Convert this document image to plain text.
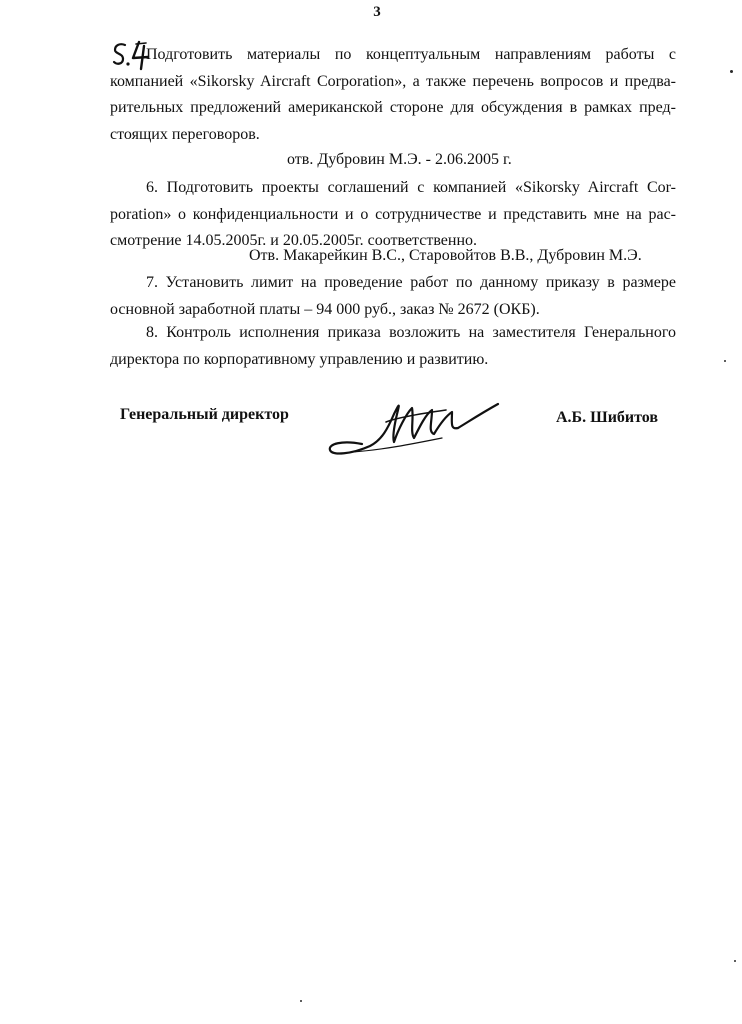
3
Подготовить материалы по концептуальным направлениям работы с
компанией «Sikorsky Aircraft Corporation», а также перечень вопросов и предва-
рительных предложений американской стороне для обсуждения в рамках пред-
стоящих переговоров.
отв. Дубровин М.Э. - 2.06.2005 г.
6. Подготовить проекты соглашений с компанией «Sikorsky Aircraft Cor-
poration» о конфиденциальности и о сотрудничестве и представить мне на рас-
смотрение 14.05.2005г. и 20.05.2005г. соответственно.
Отв. Макарейкин В.С., Старовойтов В.В., Дубровин М.Э.
7. Установить лимит на проведение работ по данному приказу в размере
основной заработной платы – 94 000 руб., заказ № 2672 (ОКБ).
8. Контроль исполнения приказа возложить на заместителя Генерального
директора по корпоративному управлению и развитию.
Генеральный директор	А.Б. Шибитов
